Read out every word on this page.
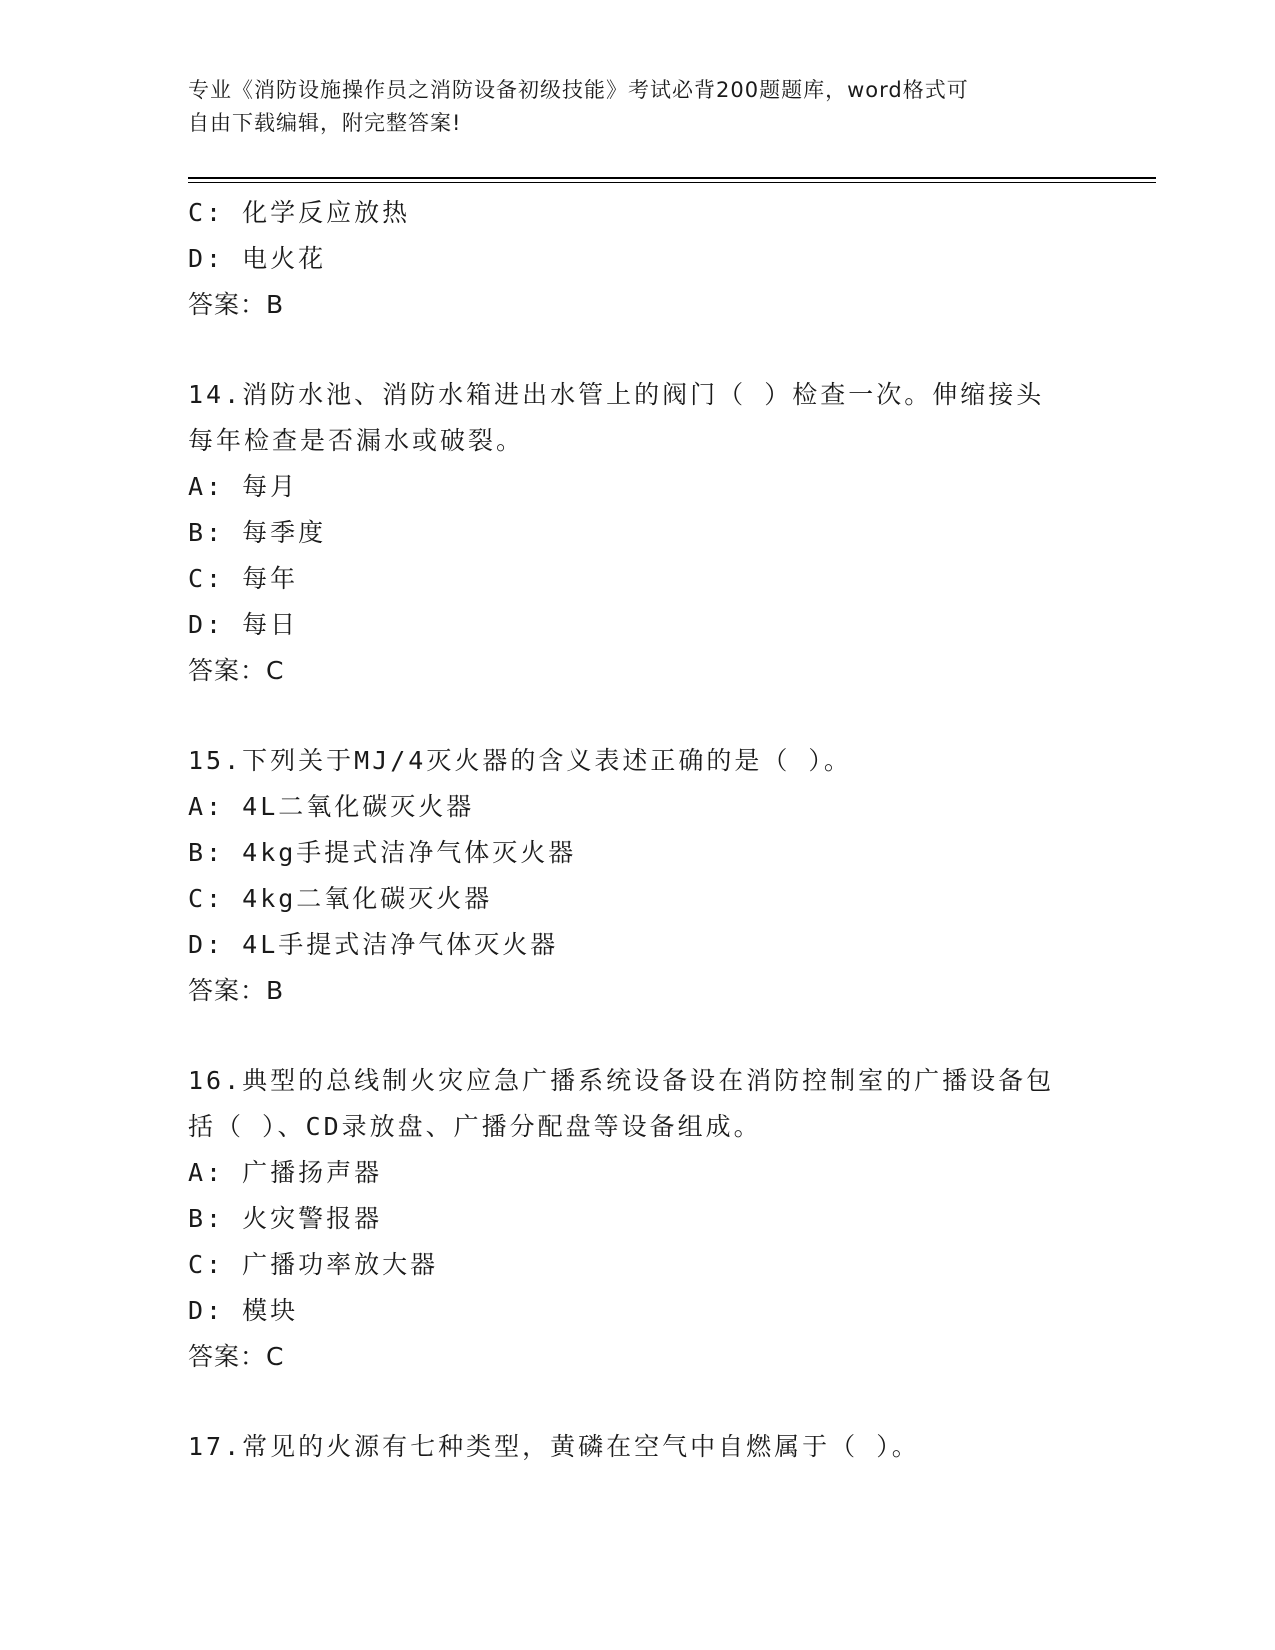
专业《消防设施操作员之消防设备初级技能》考试必背200题题库，word格式可
自由下载编辑，附完整答案!
C: 化学反应放热
D: 电火花
答案：B
14.消防水池、消防水箱进出水管上的阀门（ ）检查一次。伸缩接头
每年检查是否漏水或破裂。
A: 每月
B: 每季度
C: 每年
D: 每日
答案：C
15.下列关于MJ/4灭火器的含义表述正确的是（ ）。
A: 4L二氧化碳灭火器
B: 4kg手提式洁净气体灭火器
C: 4kg二氧化碳灭火器
D: 4L手提式洁净气体灭火器
答案：B
16.典型的总线制火灾应急广播系统设备设在消防控制室的广播设备包
括（ ）、CD录放盘、广播分配盘等设备组成。
A: 广播扬声器
B: 火灾警报器
C: 广播功率放大器
D: 模块
答案：C
17.常见的火源有七种类型，黄磷在空气中自燃属于（ ）。
